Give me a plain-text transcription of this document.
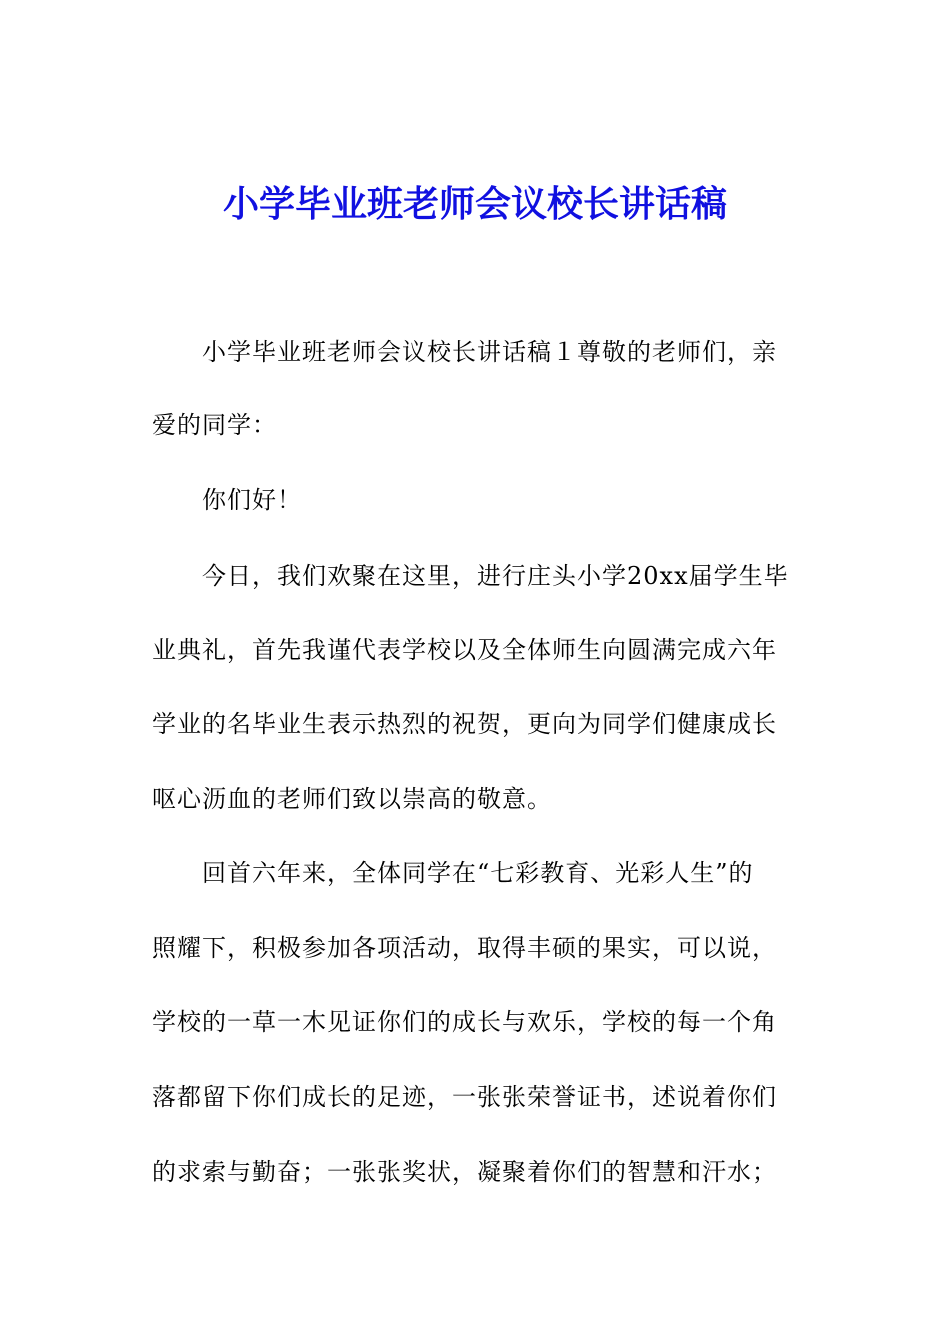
小学毕业班老师会议校长讲话稿
小学毕业班老师会议校长讲话稿１尊敬的老师们，亲
爱的同学：
你们好！
今日，我们欢聚在这里，进行庄头小学20xx届学生毕
业典礼，首先我谨代表学校以及全体师生向圆满完成六年
学业的名毕业生表示热烈的祝贺，更向为同学们健康成长
呕心沥血的老师们致以崇高的敬意。
回首六年来，全体同学在“七彩教育、光彩人生”的
照耀下，积极参加各项活动，取得丰硕的果实，可以说，
学校的一草一木见证你们的成长与欢乐，学校的每一个角
落都留下你们成长的足迹，一张张荣誉证书，述说着你们
的求索与勤奋；一张张奖状，凝聚着你们的智慧和汗水；
